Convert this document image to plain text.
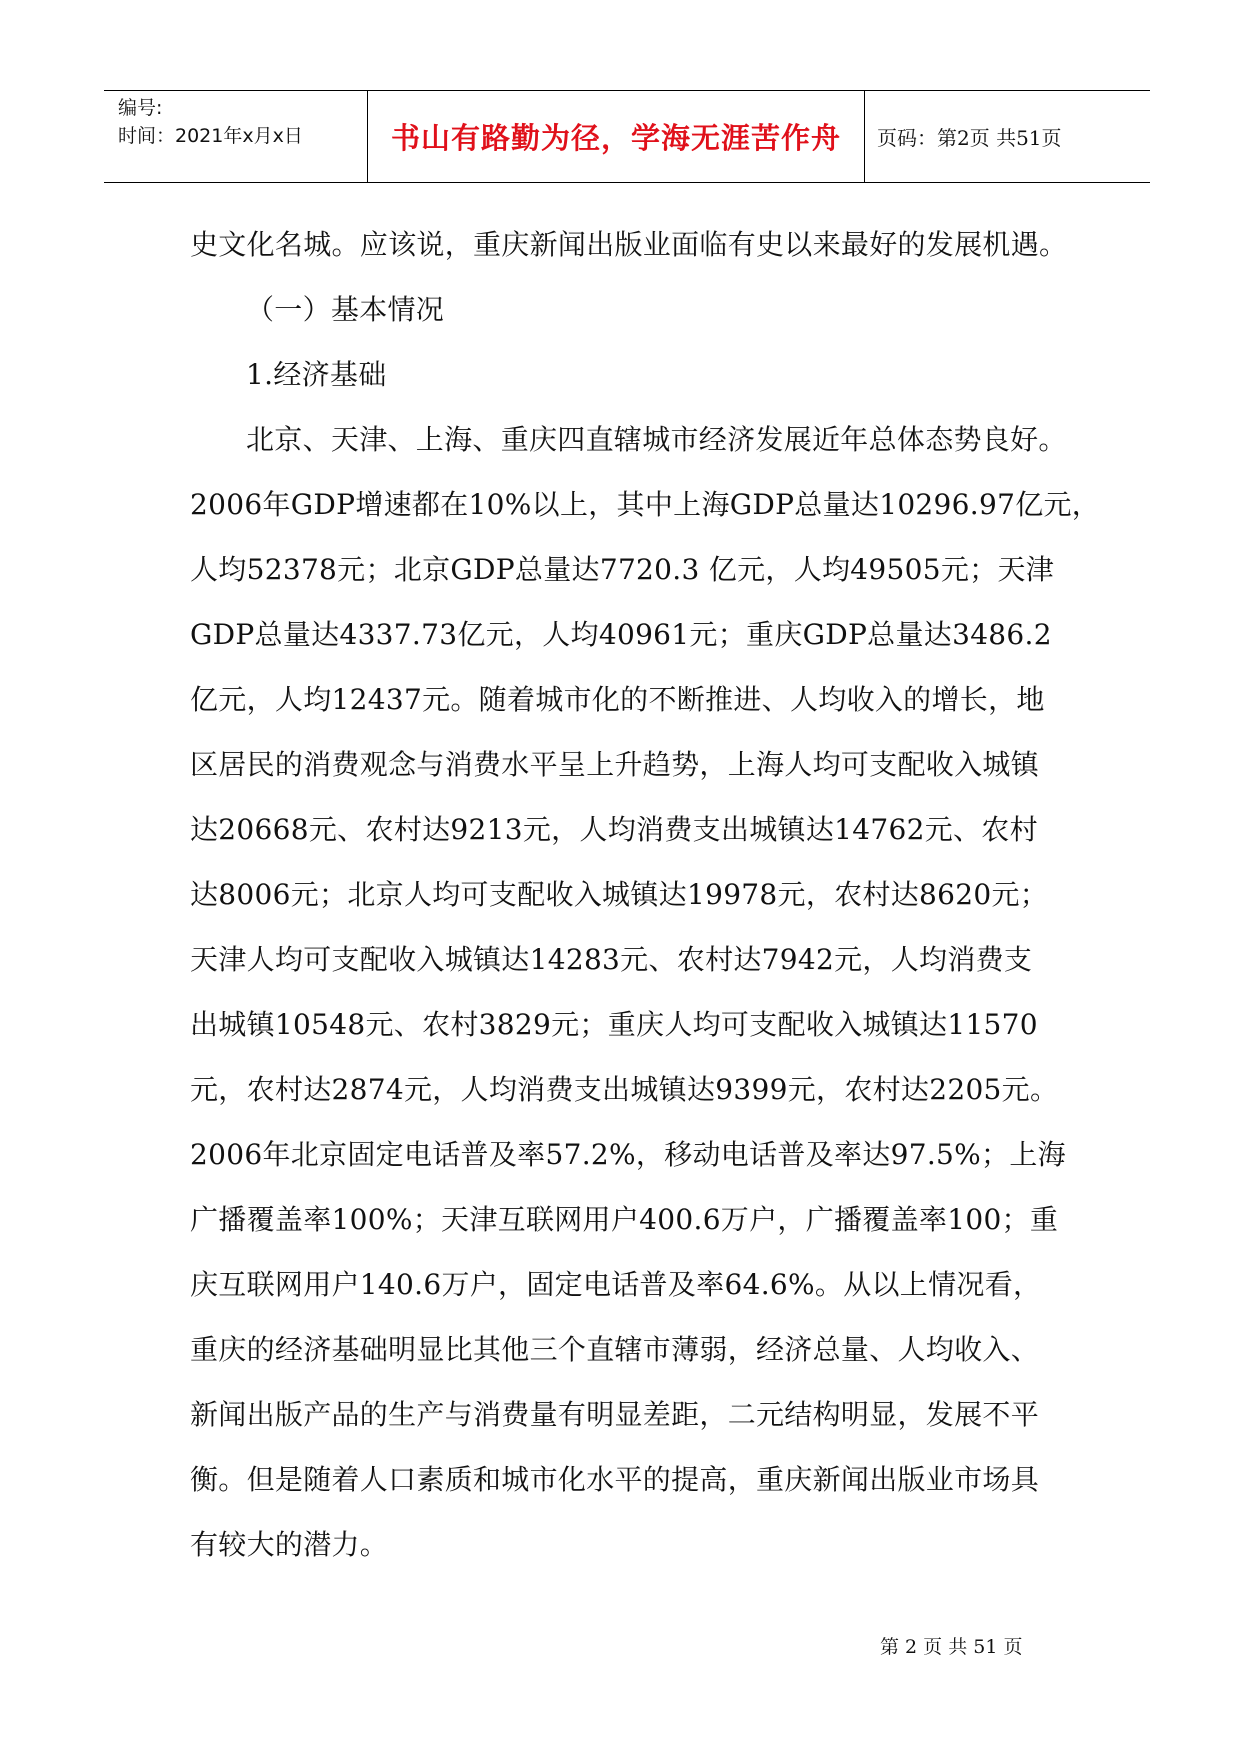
编号:
时间：2021年x月x日	书山有路勤为径，学海无涯苦作舟 页码：第2页 共51页
史文化名城。应该说，重庆新闻出版业面临有史以来最好的发展机遇。
（一）基本情况
1.经济基础
北京、天津、上海、重庆四直辖城市经济发展近年总体态势良好。
2006年GDP增速都在10%以上，其中上海GDP总量达10296.97亿元，
人均52378元；北京GDP总量达7720.3 亿元，人均49505元；天津
GDP总量达4337.73亿元，人均40961元；重庆GDP总量达3486.2
亿元，人均12437元。随着城市化的不断推进、人均收入的增长，地
区居民的消费观念与消费水平呈上升趋势，上海人均可支配收入城镇
达20668元、农村达9213元，人均消费支出城镇达14762元、农村
达8006元；北京人均可支配收入城镇达19978元，农村达8620元；
天津人均可支配收入城镇达14283元、农村达7942元，人均消费支
出城镇10548元、农村3829元；重庆人均可支配收入城镇达11570
元，农村达2874元，人均消费支出城镇达9399元，农村达2205元。
2006年北京固定电话普及率57.2%，移动电话普及率达97.5%；上海
广播覆盖率100%；天津互联网用户400.6万户，广播覆盖率100；重
庆互联网用户140.6万户，固定电话普及率64.6%。从以上情况看，
重庆的经济基础明显比其他三个直辖市薄弱，经济总量、人均收入、
新闻出版产品的生产与消费量有明显差距，二元结构明显，发展不平
衡。但是随着人口素质和城市化水平的提高，重庆新闻出版业市场具
有较大的潜力。
第 2 页 共 51 页
